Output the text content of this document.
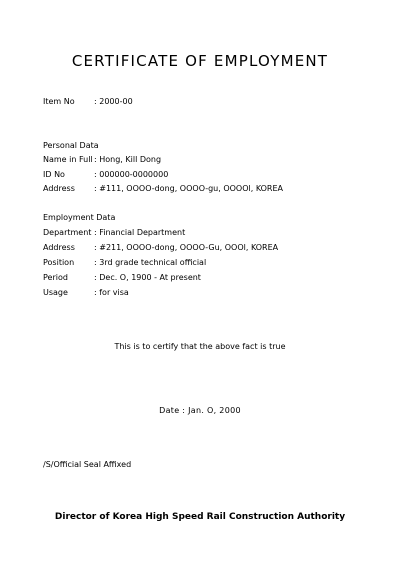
CERTIFICATE OF EMPLOYMENT
Item No : 2000-00
Personal Data
Name in Full : Hong, Kill Dong
ID No	: 000000-0000000
Address : #111, OOOO-dong, OOOO-gu, OOOOl, KOREA
Employment Data
Department : Financial Department
Address : #211, OOOO-dong, OOOO-Gu, OOOl, KOREA
Position : 3rd grade technical official
Period	: Dec. O, 1900 - At present
Usage	: for visa
This is to certify that the above fact is true
Date : Jan. O, 2000
/S/Official Seal Affixed
Director of Korea High Speed Rail Construction Authority
